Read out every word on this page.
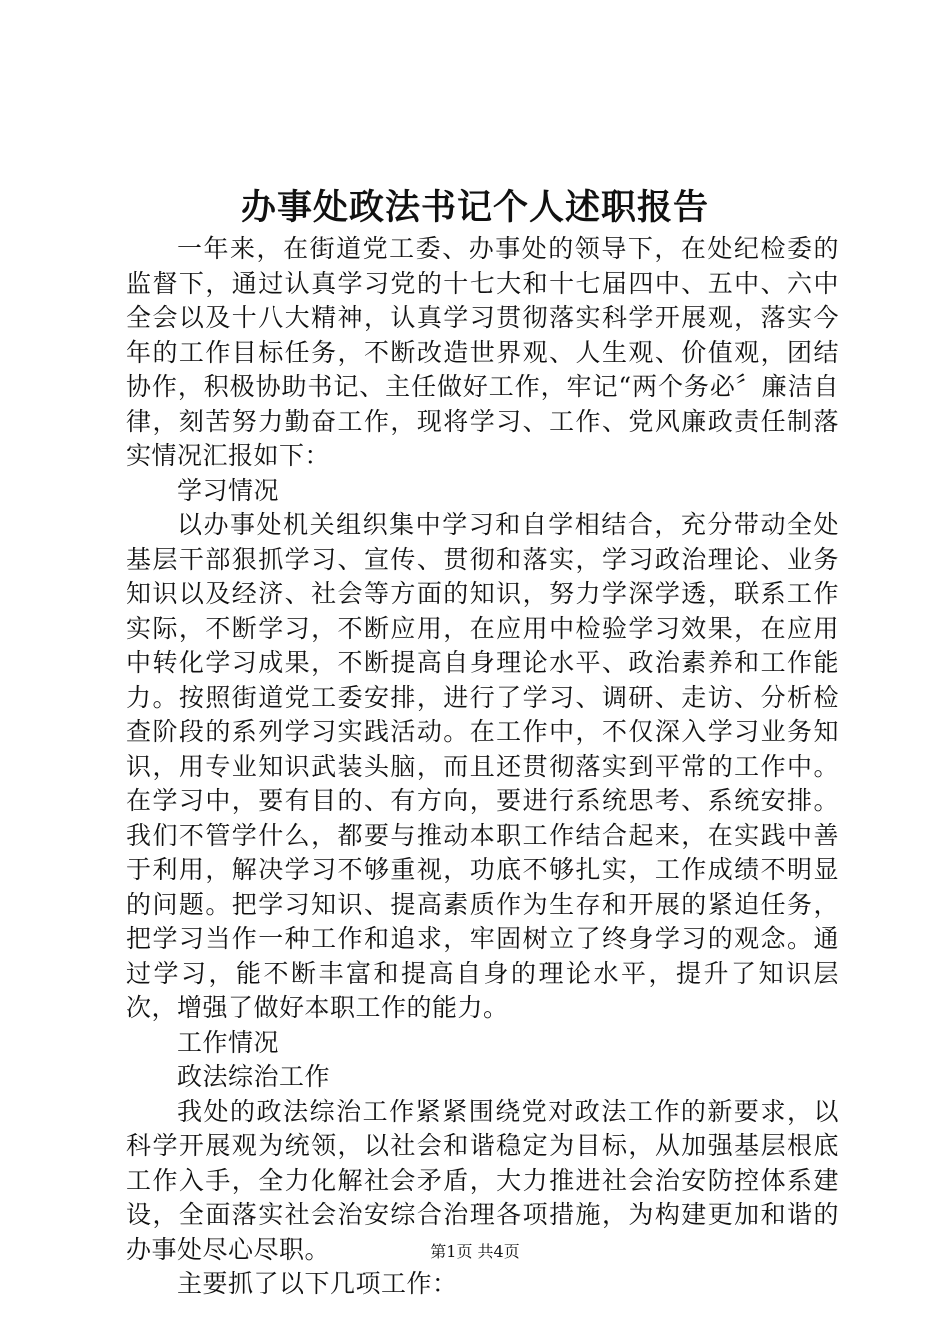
办事处政法书记个人述职报告

一年来，在街道党工委、办事处的领导下，在处纪检委的监督下，通过认真学习党的十七大和十七届四中、五中、六中全会以及十八大精神，认真学习贯彻落实科学开展观，落实今年的工作目标任务，不断改造世界观、人生观、价值观，团结协作，积极协助书记、主任做好工作，牢记“两个务必〞廉洁自律，刻苦努力勤奋工作，现将学习、工作、党风廉政责任制落实情况汇报如下：

学习情况

以办事处机关组织集中学习和自学相结合，充分带动全处基层干部狠抓学习、宣传、贯彻和落实，学习政治理论、业务知识以及经济、社会等方面的知识，努力学深学透，联系工作实际，不断学习，不断应用，在应用中检验学习效果，在应用中转化学习成果，不断提高自身理论水平、政治素养和工作能力。按照街道党工委安排，进行了学习、调研、走访、分析检查阶段的系列学习实践活动。在工作中，不仅深入学习业务知识，用专业知识武装头脑，而且还贯彻落实到平常的工作中。在学习中，要有目的、有方向，要进行系统思考、系统安排。我们不管学什么，都要与推动本职工作结合起来，在实践中善于利用，解决学习不够重视，功底不够扎实，工作成绩不明显的问题。把学习知识、提高素质作为生存和开展的紧迫任务，把学习当作一种工作和追求，牢固树立了终身学习的观念。通过学习，能不断丰富和提高自身的理论水平，提升了知识层次，增强了做好本职工作的能力。

工作情况

政法综治工作

我处的政法综治工作紧紧围绕党对政法工作的新要求，以科学开展观为统领，以社会和谐稳定为目标，从加强基层根底工作入手，全力化解社会矛盾，大力推进社会治安防控体系建设，全面落实社会治安综合治理各项措施，为构建更加和谐的办事处尽心尽职。

主要抓了以下几项工作：

第1页 共4页
